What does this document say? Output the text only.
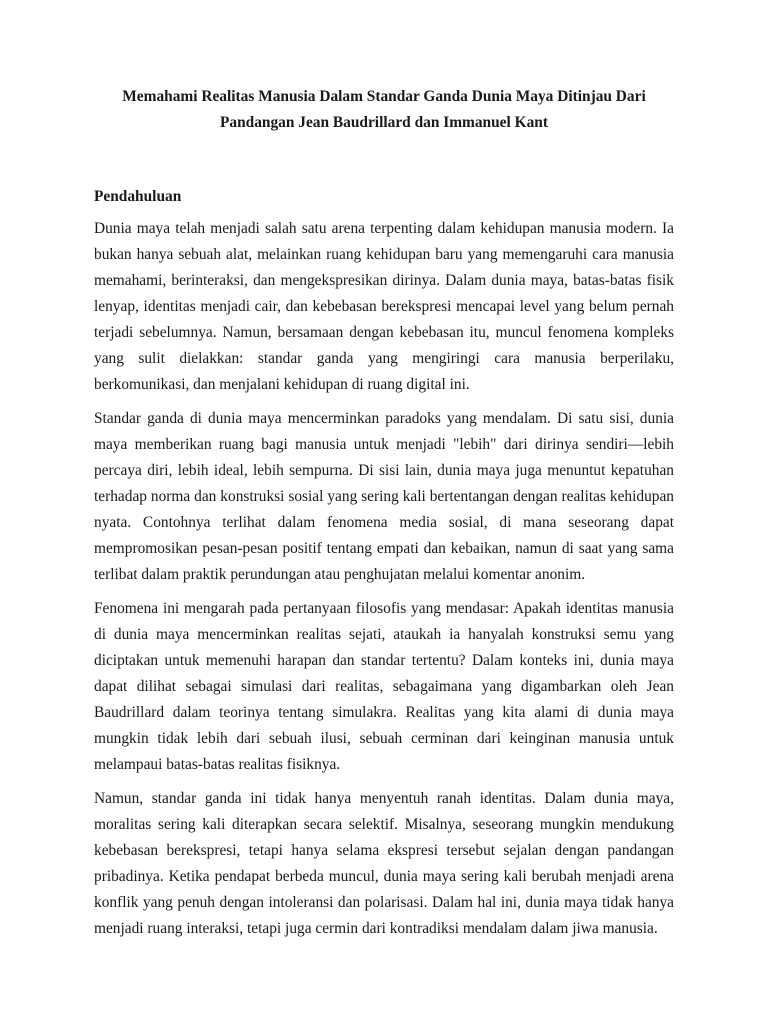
Memahami Realitas Manusia Dalam Standar Ganda Dunia Maya Ditinjau Dari
Pandangan Jean Baudrillard dan Immanuel Kant
Pendahuluan

Dunia maya telah menjadi salah satu arena terpenting dalam kehidupan manusia modern. Ia bukan hanya sebuah alat, melainkan ruang kehidupan baru yang memengaruhi cara manusia memahami, berinteraksi, dan mengekspresikan dirinya. Dalam dunia maya, batas-batas fisik lenyap, identitas menjadi cair, dan kebebasan berekspresi mencapai level yang belum pernah terjadi sebelumnya. Namun, bersamaan dengan kebebasan itu, muncul fenomena kompleks yang sulit dielakkan: standar ganda yang mengiringi cara manusia berperilaku, berkomunikasi, dan menjalani kehidupan di ruang digital ini.

Standar ganda di dunia maya mencerminkan paradoks yang mendalam. Di satu sisi, dunia maya memberikan ruang bagi manusia untuk menjadi "lebih" dari dirinya sendiri—lebih percaya diri, lebih ideal, lebih sempurna. Di sisi lain, dunia maya juga menuntut kepatuhan terhadap norma dan konstruksi sosial yang sering kali bertentangan dengan realitas kehidupan nyata. Contohnya terlihat dalam fenomena media sosial, di mana seseorang dapat mempromosikan pesan-pesan positif tentang empati dan kebaikan, namun di saat yang sama terlibat dalam praktik perundungan atau penghujatan melalui komentar anonim.

Fenomena ini mengarah pada pertanyaan filosofis yang mendasar: Apakah identitas manusia di dunia maya mencerminkan realitas sejati, ataukah ia hanyalah konstruksi semu yang diciptakan untuk memenuhi harapan dan standar tertentu? Dalam konteks ini, dunia maya dapat dilihat sebagai simulasi dari realitas, sebagaimana yang digambarkan oleh Jean Baudrillard dalam teorinya tentang simulakra. Realitas yang kita alami di dunia maya mungkin tidak lebih dari sebuah ilusi, sebuah cerminan dari keinginan manusia untuk melampaui batas-batas realitas fisiknya.

Namun, standar ganda ini tidak hanya menyentuh ranah identitas. Dalam dunia maya, moralitas sering kali diterapkan secara selektif. Misalnya, seseorang mungkin mendukung kebebasan berekspresi, tetapi hanya selama ekspresi tersebut sejalan dengan pandangan pribadinya. Ketika pendapat berbeda muncul, dunia maya sering kali berubah menjadi arena konflik yang penuh dengan intoleransi dan polarisasi. Dalam hal ini, dunia maya tidak hanya menjadi ruang interaksi, tetapi juga cermin dari kontradiksi mendalam dalam jiwa manusia.
